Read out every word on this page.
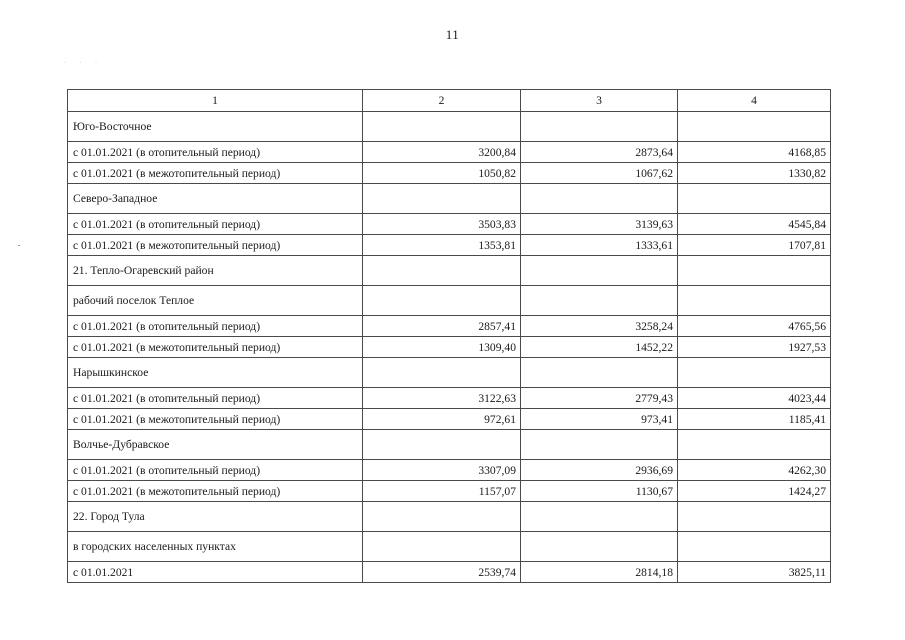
11
· · ·
1	2	3	4
Юго-Восточное			
с 01.01.2021 (в отопительный период)	3200,84	2873,64	4168,85
с 01.01.2021 (в межотопительный период)	1050,82	1067,62	1330,82
Северо-Западное			
с 01.01.2021 (в отопительный период)	3503,83	3139,63	4545,84
с 01.01.2021 (в межотопительный период)	1353,81	1333,61	1707,81
21. Тепло-Огаревский район			
рабочий поселок Теплое			
с 01.01.2021 (в отопительный период)	2857,41	3258,24	4765,56
с 01.01.2021 (в межотопительный период)	1309,40	1452,22	1927,53
Нарышкинское			
с 01.01.2021 (в отопительный период)	3122,63	2779,43	4023,44
с 01.01.2021 (в межотопительный период)	972,61	973,41	1185,41
Волчье-Дубравское			
с 01.01.2021 (в отопительный период)	3307,09	2936,69	4262,30
с 01.01.2021 (в межотопительный период)	1157,07	1130,67	1424,27
22. Город Тула			
в городских населенных пунктах			
с 01.01.2021	2539,74	2814,18	3825,11
